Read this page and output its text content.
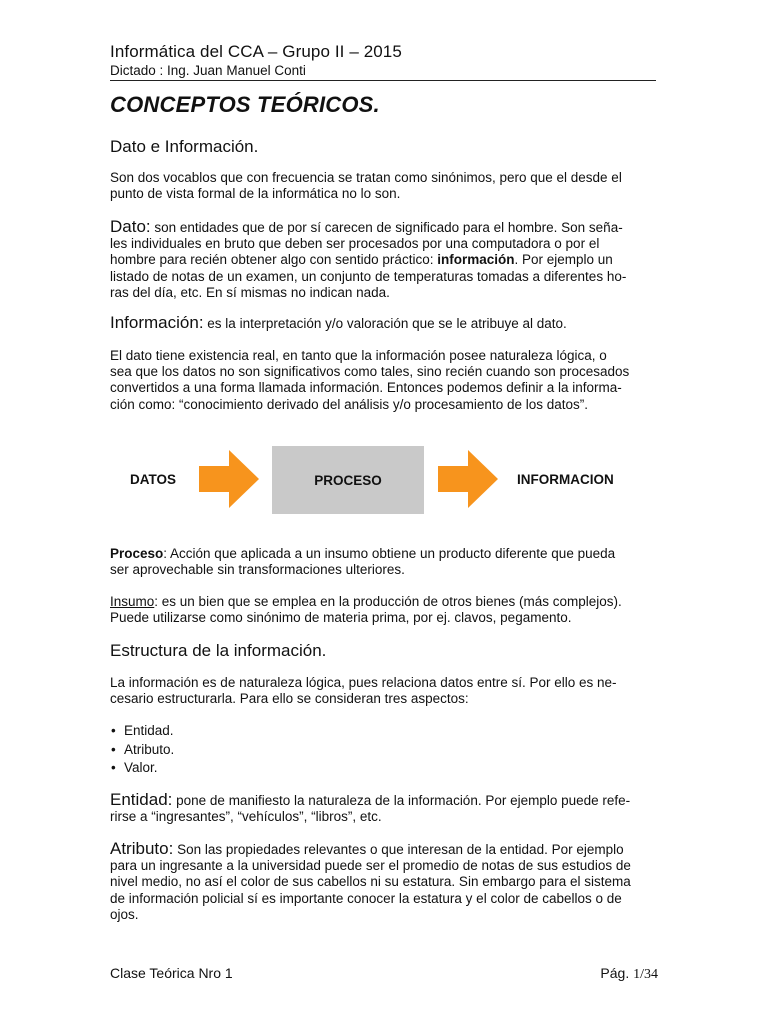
Informática del CCA – Grupo II – 2015
Dictado : Ing. Juan Manuel Conti
CONCEPTOS TEÓRICOS.
Dato e Información.
Son dos vocablos que con frecuencia se tratan como sinónimos, pero que el desde el
punto de vista formal de la informática no lo son.
Dato: son entidades que de por sí carecen de significado para el hombre. Son seña-
les individuales en bruto que deben ser procesados por una computadora o por el
hombre para recién obtener algo con sentido práctico: información. Por ejemplo un
listado de notas de un examen, un conjunto de temperaturas tomadas a diferentes ho-
ras del día, etc. En sí mismas no indican nada.
Información: es la interpretación y/o valoración que se le atribuye al dato.
El dato tiene existencia real, en tanto que la información posee naturaleza lógica, o
sea que los datos no son significativos como tales, sino recién cuando son procesados
convertidos a una forma llamada información. Entonces podemos definir a la informa-
ción como: “conocimiento derivado del análisis y/o procesamiento de los datos”.
DATOS	PROCESO	INFORMACION
Proceso: Acción que aplicada a un insumo obtiene un producto diferente que pueda
ser aprovechable sin transformaciones ulteriores.
Insumo: es un bien que se emplea en la producción de otros bienes (más complejos).
Puede utilizarse como sinónimo de materia prima, por ej. clavos, pegamento.
Estructura de la información.
La información es de naturaleza lógica, pues relaciona datos entre sí. Por ello es ne-
cesario estructurarla. Para ello se consideran tres aspectos:
• Entidad.
• Atributo.
• Valor.
Entidad: pone de manifiesto la naturaleza de la información. Por ejemplo puede refe-
rirse a “ingresantes”, “vehículos”, “libros”, etc.
Atributo: Son las propiedades relevantes o que interesan de la entidad. Por ejemplo
para un ingresante a la universidad puede ser el promedio de notas de sus estudios de
nivel medio, no así el color de sus cabellos ni su estatura. Sin embargo para el sistema
de información policial sí es importante conocer la estatura y el color de cabellos o de
ojos.
Clase Teórica Nro 1	Pág. 1/34
